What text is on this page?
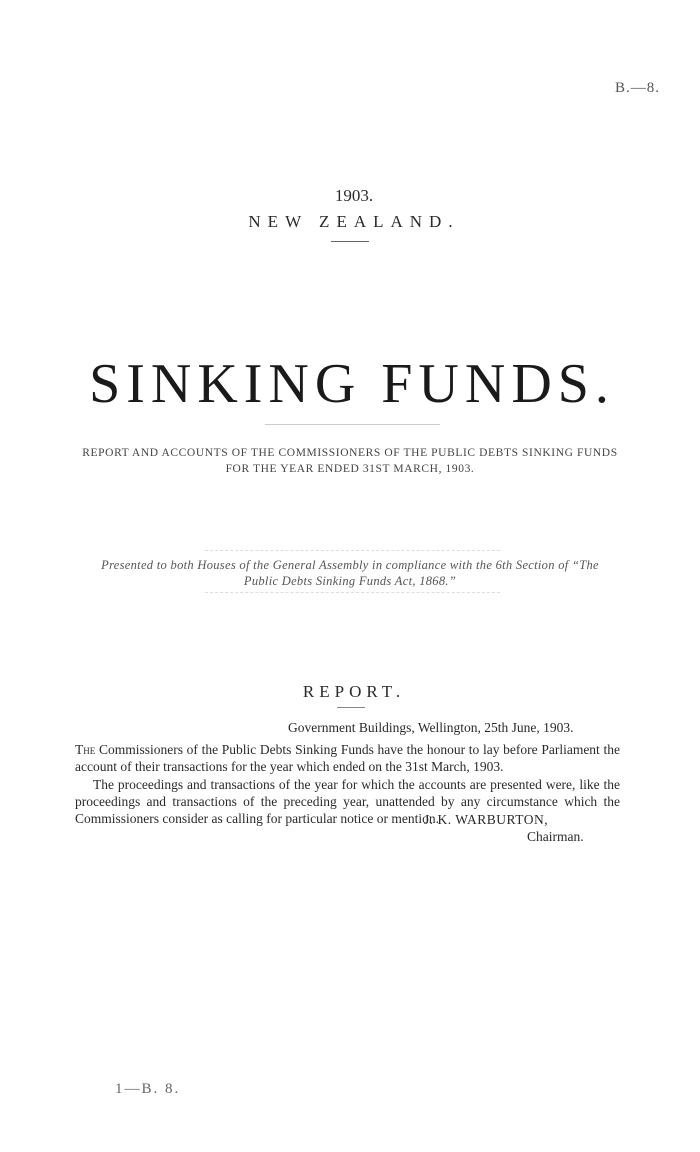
B.—8.
1903.
NEW ZEALAND.
SINKING FUNDS.
REPORT AND ACCOUNTS OF THE COMMISSIONERS OF THE PUBLIC DEBTS SINKING FUNDS
FOR THE YEAR ENDED 31ST MARCH, 1903.
Presented to both Houses of the General Assembly in compliance with the 6th Section of “The
Public Debts Sinking Funds Act, 1868.”
REPORT.
Government Buildings, Wellington, 25th June, 1903.
The Commissioners of the Public Debts Sinking Funds have the honour to lay before Parliament the account of their transactions for the year which ended on the 31st March, 1903.
The proceedings and transactions of the year for which the accounts are presented were, like the proceedings and transactions of the preceding year, unattended by any circumstance which the Commissioners consider as calling for particular notice or mention.
J. K. WARBURTON,
Chairman.
1—B. 8.
